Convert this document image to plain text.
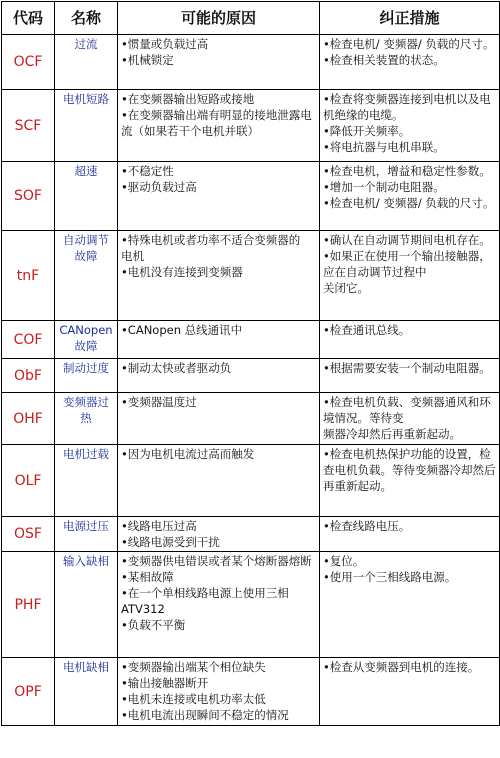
代码	名称	可能的原因	纠正措施
OCF	过流	• 惯量或负载过高
• 机械锁定	• 检查电机/ 变频器/ 负载的尺寸。
• 检查相关装置的状态。

SCF	电机短路	• 在变频器输出短路或接地
• 在变频器输出端有明显的接地泄露电
流（如果若干个电机并联）	• 检查将变频器连接到电机以及电机绝缘的电缆。
• 降低开关频率。
• 将电抗器与电机串联。

SOF	超速	• 不稳定性
• 驱动负载过高	• 检查电机，增益和稳定性参数。
• 增加一个制动电阻器。
• 检查电机/ 变频器/ 负载的尺寸。

tnF	自动调节
故障	• 特殊电机或者功率不适合变频器的
电机
• 电机没有连接到变频器	• 确认在自动调节期间电机存在。
• 如果正在使用一个输出接触器，应在自动调节过程中
关闭它。

COF	CANopen
故障	• CANopen 总线通讯中	• 检查通讯总线。

ObF	制动过度	• 制动太快或者驱动负	• 根据需要安装一个制动电阻器。

OHF	变频器过
热	• 变频器温度过	• 检查电机负载、变频器通风和环境情况。等待变
频器冷却然后再重新起动。

OLF	电机过载	• 因为电机电流过高而触发	• 检查电机热保护功能的设置，检查电机负载。等待变频器冷却然后
再重新起动。

OSF	电源过压	• 线路电压过高
• 线路电源受到干扰	• 检查线路电压。

PHF	输入缺相	• 变频器供电错误或者某个熔断器熔断
• 某相故障
• 在一个单相线路电源上使用三相 ATV312
• 负载不平衡	• 复位。
• 使用一个三相线路电源。

OPF	电机缺相	• 变频器输出端某个相位缺失
• 输出接触器断开
• 电机未连接或电机功率太低
• 电机电流出现瞬间不稳定的情况	• 检查从变频器到电机的连接。
